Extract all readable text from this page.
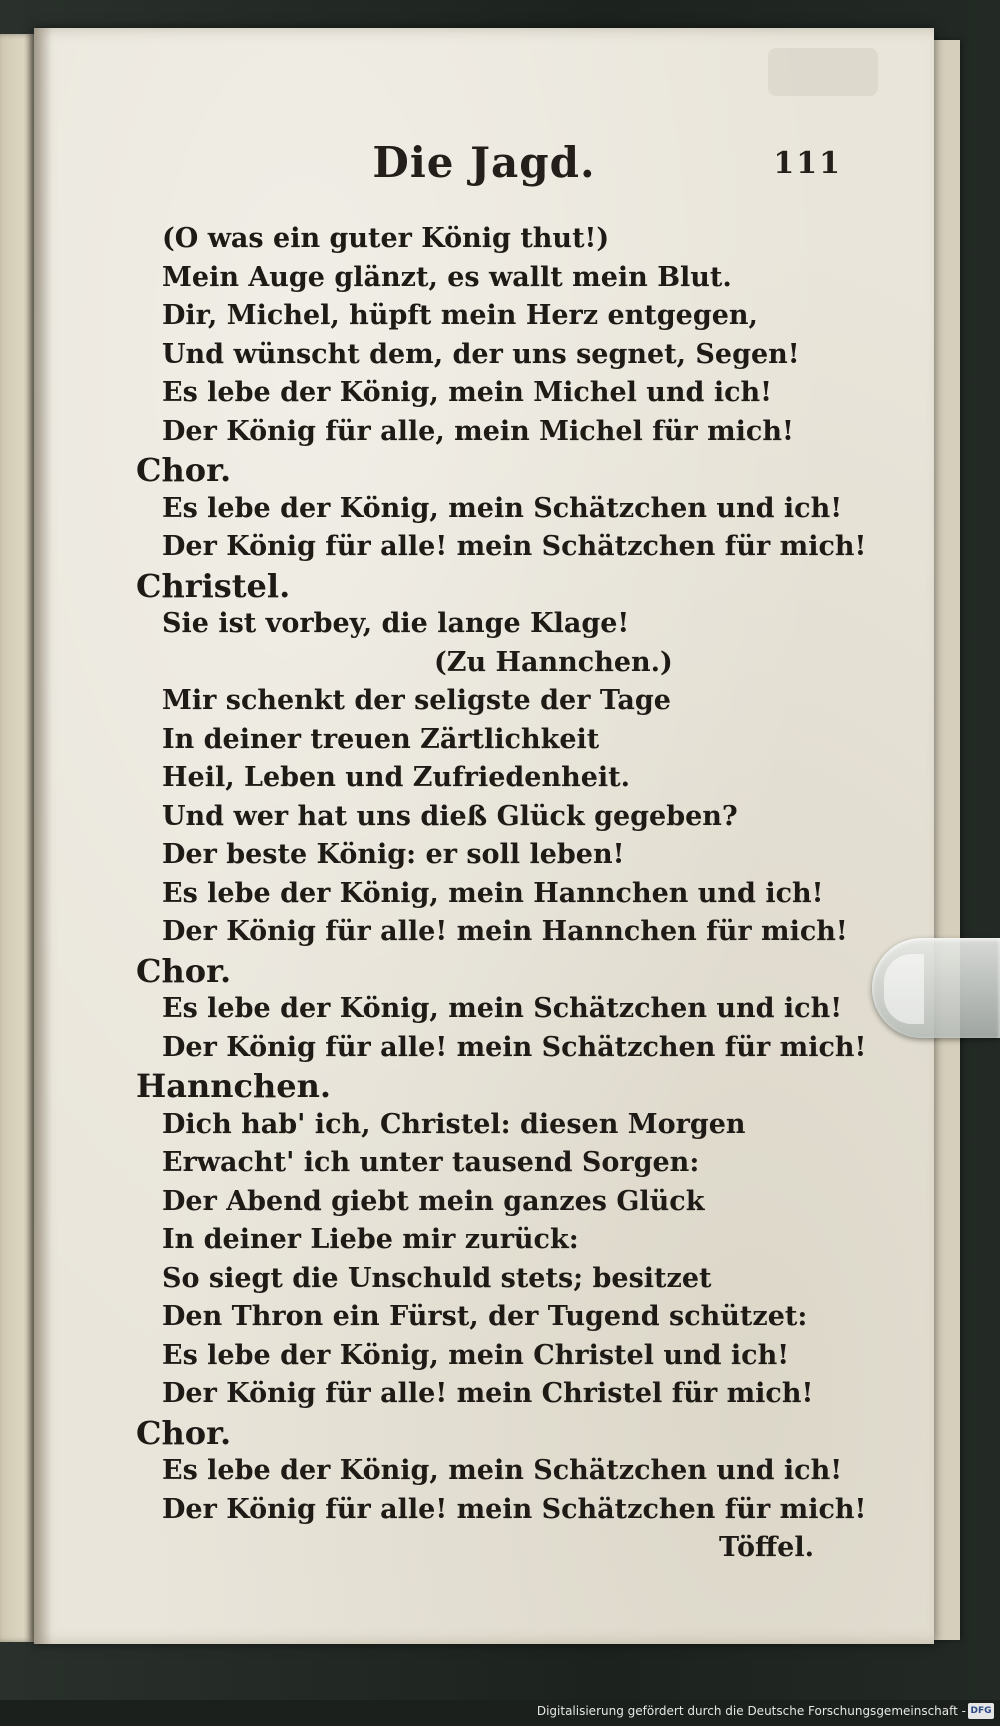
Die Jagd.	111
(O was ein guter König thut!)
Mein Auge glänzt, es wallt mein Blut.
Dir, Michel, hüpft mein Herz entgegen,
Und wünscht dem, der uns segnet, Segen!
Es lebe der König, mein Michel und ich!
Der König für alle, mein Michel für mich!
Chor.
Es lebe der König, mein Schätzchen und ich!
Der König für alle! mein Schätzchen für mich!
Christel.
Sie ist vorbey, die lange Klage!
(Zu Hannchen.)
Mir schenkt der seligste der Tage
In deiner treuen Zärtlichkeit
Heil, Leben und Zufriedenheit.
Und wer hat uns dieß Glück gegeben?
Der beste König: er soll leben!
Es lebe der König, mein Hannchen und ich!
Der König für alle! mein Hannchen für mich!
Chor.
Es lebe der König, mein Schätzchen und ich!
Der König für alle! mein Schätzchen für mich!
Hannchen.
Dich hab' ich, Christel: diesen Morgen
Erwacht' ich unter tausend Sorgen:
Der Abend giebt mein ganzes Glück
In deiner Liebe mir zurück:
So siegt die Unschuld stets; besitzet
Den Thron ein Fürst, der Tugend schützet:
Es lebe der König, mein Christel und ich!
Der König für alle! mein Christel für mich!
Chor.
Es lebe der König, mein Schätzchen und ich!
Der König für alle! mein Schätzchen für mich!
Töffel.
Digitalisierung gefördert durch die Deutsche Forschungsgemeinschaft - DFG
